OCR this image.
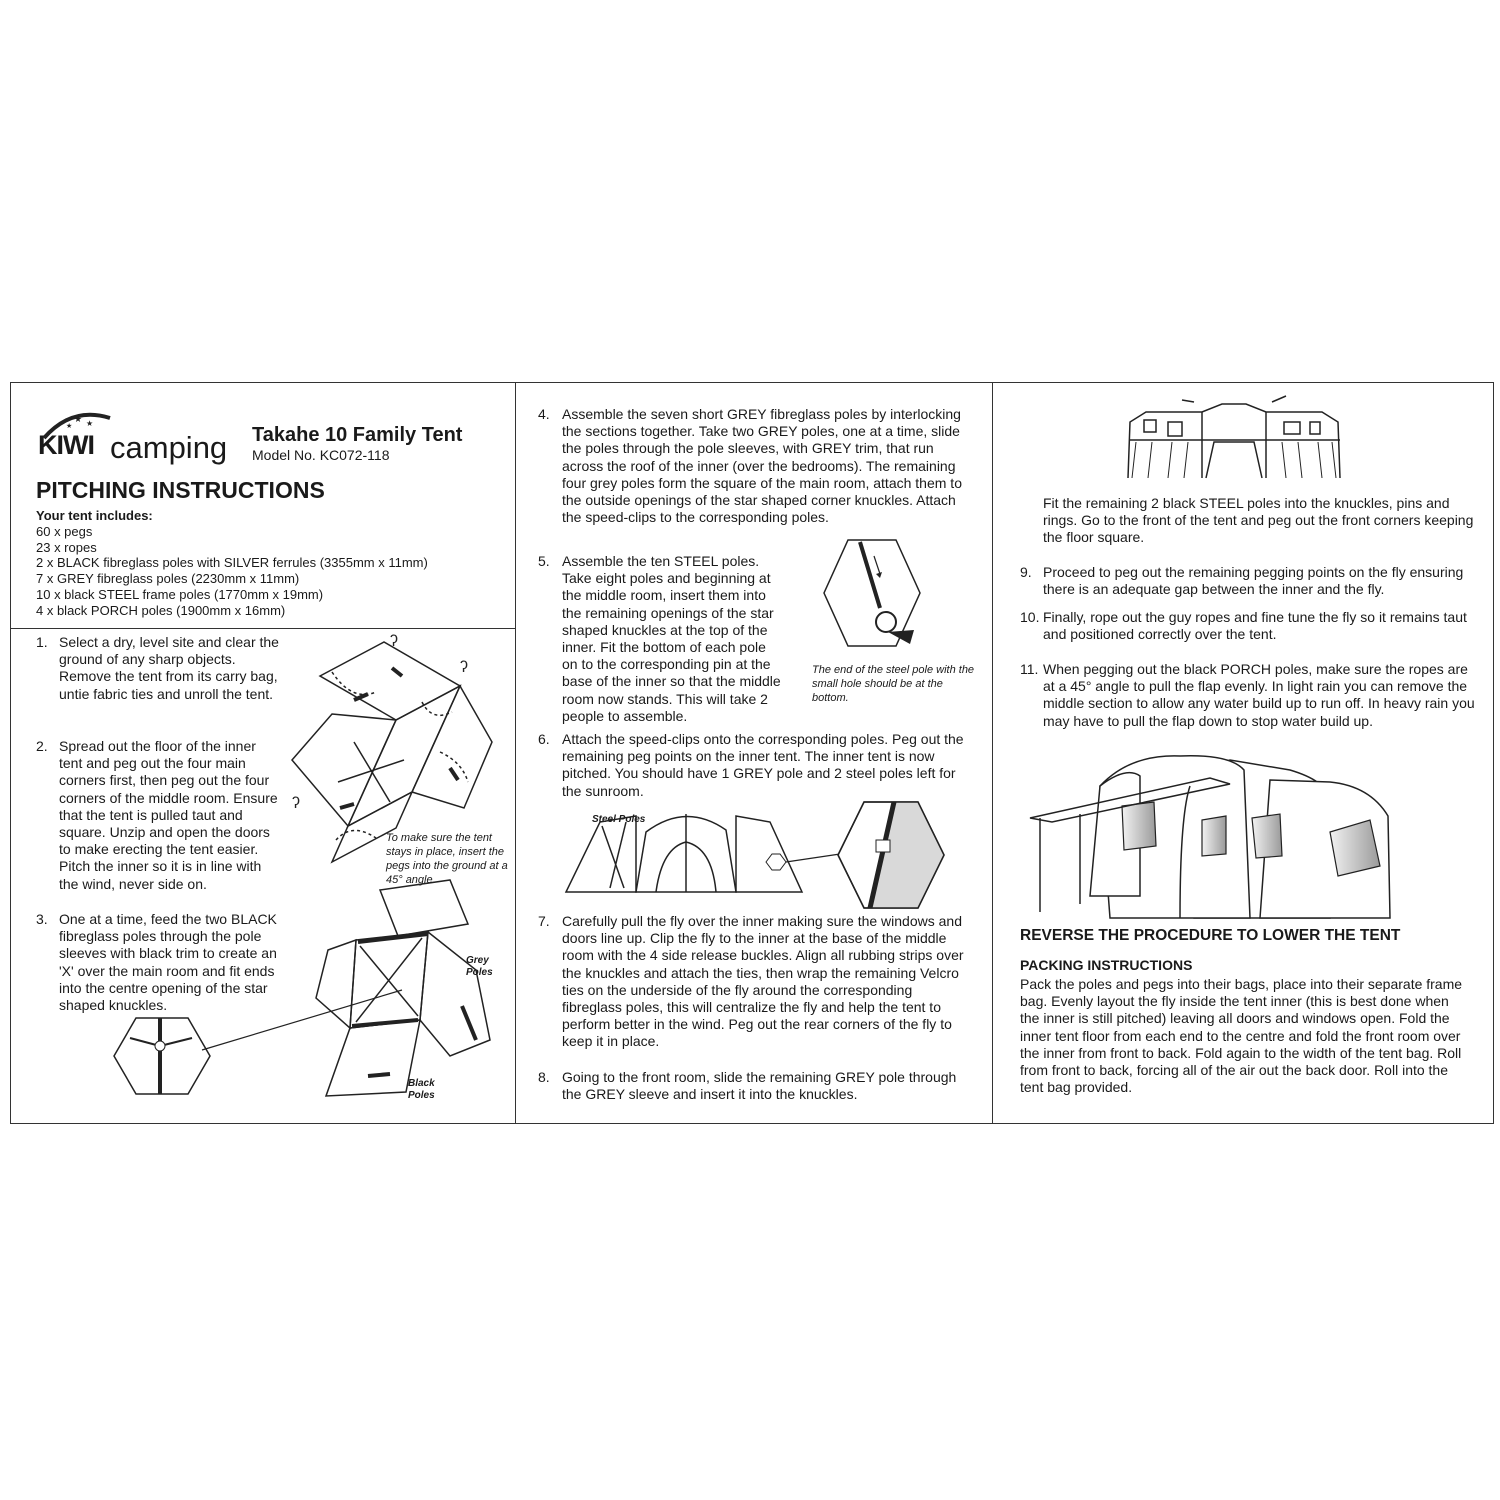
★ ★
★
KIWI camping Takahe 10 Family Tent
Model No. KC072-118
PITCHING INSTRUCTIONS
Your tent includes:
60 x pegs
23 x ropes
2 x BLACK fibreglass poles with SILVER ferrules (3355mm x 11mm)
7 x GREY fibreglass poles (2230mm x 11mm)
10 x black STEEL frame poles (1770mm x 19mm)
4 x black PORCH poles (1900mm x 16mm)
1. Select a dry, level site and clear the ground of any sharp objects. Remove the tent from its carry bag, untie fabric ties and unroll the tent.

2. Spread out the floor of the inner tent and peg out the four main corners first, then peg out the four corners of the middle room. Ensure that the tent is pulled taut and square. Unzip and open the doors to make erecting the tent easier. Pitch the inner so it is in line with the wind, never side on.

3. One at a time, feed the two BLACK fibreglass poles through the pole sleeves with black trim to create an 'X' over the main room and fit ends into the centre opening of the star shaped knuckles.

ʔ
ʔ
ʔ

To make sure the tent stays in place, insert the pegs into the ground at a 45° angle.

Grey Poles

Black Poles

4. Assemble the seven short GREY fibreglass poles by interlocking the sections together. Take two GREY poles, one at a time, slide the poles through the pole sleeves, with GREY trim, that run across the roof of the inner (over the bedrooms). The remaining four grey poles form the square of the main room, attach them to the outside openings of the star shaped corner knuckles. Attach the speed-clips to the corresponding poles.

5. Assemble the ten STEEL poles. Take eight poles and beginning at the middle room, insert them into the remaining openings of the star shaped knuckles at the top of the inner. Fit the bottom of each pole on to the corresponding pin at the base of the inner so that the middle room now stands. This will take 2 people to assemble.

The end of the steel pole with the small hole should be at the bottom.

6. Attach the speed-clips onto the corresponding poles. Peg out the remaining peg points on the inner tent. The inner tent is now pitched. You should have 1 GREY pole and 2 steel poles left for the sunroom.

Steel Poles

7. Carefully pull the fly over the inner making sure the windows and doors line up. Clip the fly to the inner at the base of the middle room with the 4 side release buckles. Align all rubbing strips over the knuckles and attach the ties, then wrap the remaining Velcro ties on the underside of the fly around the corresponding fibreglass poles, this will centralize the fly and help the tent to perform better in the wind. Peg out the rear corners of the fly to keep it in place.

8. Going to the front room, slide the remaining GREY pole through the GREY sleeve and insert it into the knuckles.

Fit the remaining 2 black STEEL poles into the knuckles, pins and rings. Go to the front of the tent and peg out the front corners keeping the floor square.

9. Proceed to peg out the remaining pegging points on the fly ensuring there is an adequate gap between the inner and the fly.

10. Finally, rope out the guy ropes and fine tune the fly so it remains taut and positioned correctly over the tent.

11. When pegging out the black PORCH poles, make sure the ropes are at a 45° angle to pull the flap evenly. In light rain you can remove the middle section to allow any water build up to run off. In heavy rain you may have to pull the flap down to stop water build up.

REVERSE THE PROCEDURE TO LOWER THE TENT
PACKING INSTRUCTIONS

Pack the poles and pegs into their bags, place into their separate frame bag. Evenly layout the fly inside the tent inner (this is best done when the inner is still pitched) leaving all doors and windows open. Fold the inner tent floor from each end to the centre and fold the front room over the inner from front to back. Fold again to the width of the tent bag. Roll from front to back, forcing all of the air out the back door. Roll into the tent bag provided.
